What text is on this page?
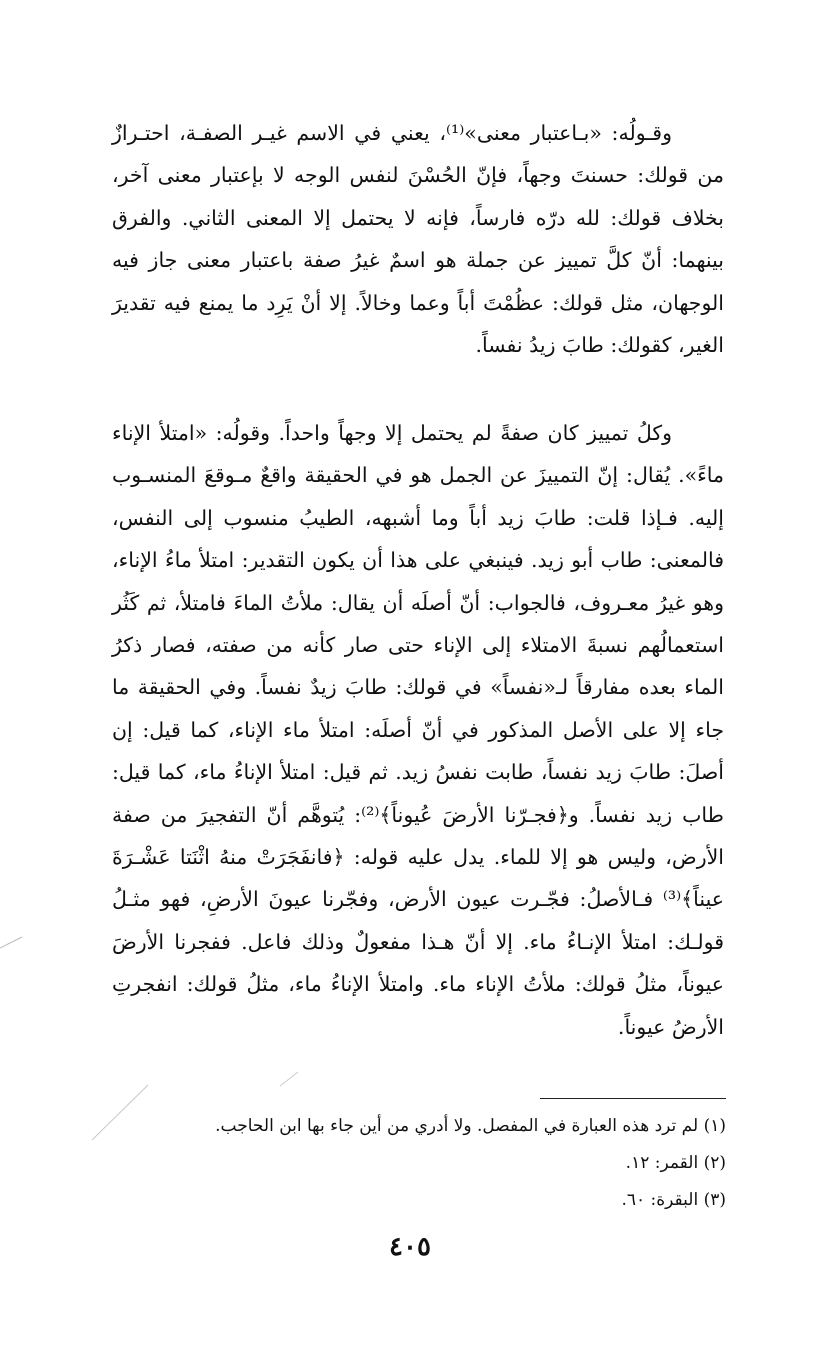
وقـولُه: «بـاعتبار معنى»⁽¹⁾، يعني في الاسم غيـر الصفـة، احتـرازٌ من قولك: حسنتَ وجهاً، فإنّ الحُسْنَ لنفس الوجه لا بإعتبار معنى آخر، بخلاف قولك: لله درّه فارساً، فإنه لا يحتمل إلا المعنى الثاني. والفرق بينهما: أنّ كلَّ تمييز عن جملة هو اسمٌ غيرُ صفة باعتبار معنى جاز فيه الوجهان، مثل قولك: عظُمْتَ أباً وعما وخالاً. إلا أنْ يَرِد ما يمنع فيه تقديرَ الغير، كقولك: طابَ زيدُ نفساً.

وكلُ تمييز كان صفةً لم يحتمل إلا وجهاً واحداً. وقولُه: «امتلأ الإناء ماءً». يُقال: إنّ التمييزَ عن الجمل هو في الحقيقة واقعٌ مـوقعَ المنسـوب إليه. فـإذا قلت: طابَ زيد أباً وما أشبهه، الطيبُ منسوب إلى النفس، فالمعنى: طاب أبو زيد. فينبغي على هذا أن يكون التقدير: امتلأ ماءُ الإناء، وهو غيرُ معـروف، فالجواب: أنّ أصلَه أن يقال: ملأتُ الماءَ فامتلأ، ثم كَثُر استعمالُهم نسبةَ الامتلاء إلى الإناء حتى صار كأنه من صفته، فصار ذكرُ الماء بعده مفارقاً لـ«نفساً» في قولك: طابَ زيدٌ نفساً. وفي الحقيقة ما جاء إلا على الأصل المذكور في أنّ أصلَه: امتلأ ماء الإناء، كما قيل: إن أصلَ: طابَ زيد نفساً، طابت نفسُ زيد. ثم قيل: امتلأ الإناءُ ماء، كما قيل: طاب زيد نفساً. و﴿فجـرّنا الأرضَ عُيوناً﴾⁽²⁾: يُتوهَّم أنّ التفجيرَ من صفة الأرض، وليس هو إلا للماء. يدل عليه قوله: ﴿فانفَجَرَتْ منهُ اثْنَتا عَشْـرَةَ عيناً﴾⁽³⁾ فـالأصلُ: فجّـرت عيون الأرض، وفجّرنا عيونَ الأرضِ، فهو مثـلُ قولـك: امتلأ الإنـاءُ ماء. إلا أنّ هـذا مفعولٌ وذلك فاعل. ففجرنا الأرضَ عيوناً، مثلُ قولك: ملأتُ الإناء ماء. وامتلأ الإناءُ ماء، مثلُ قولك: انفجرتِ الأرضُ عيوناً.

(١) لم ترد هذه العبارة في المفصل. ولا أدري من أين جاء بها ابن الحاجب.

(٢) القمر: ١٢.

(٣) البقرة: ٦٠.

٤٠٥
